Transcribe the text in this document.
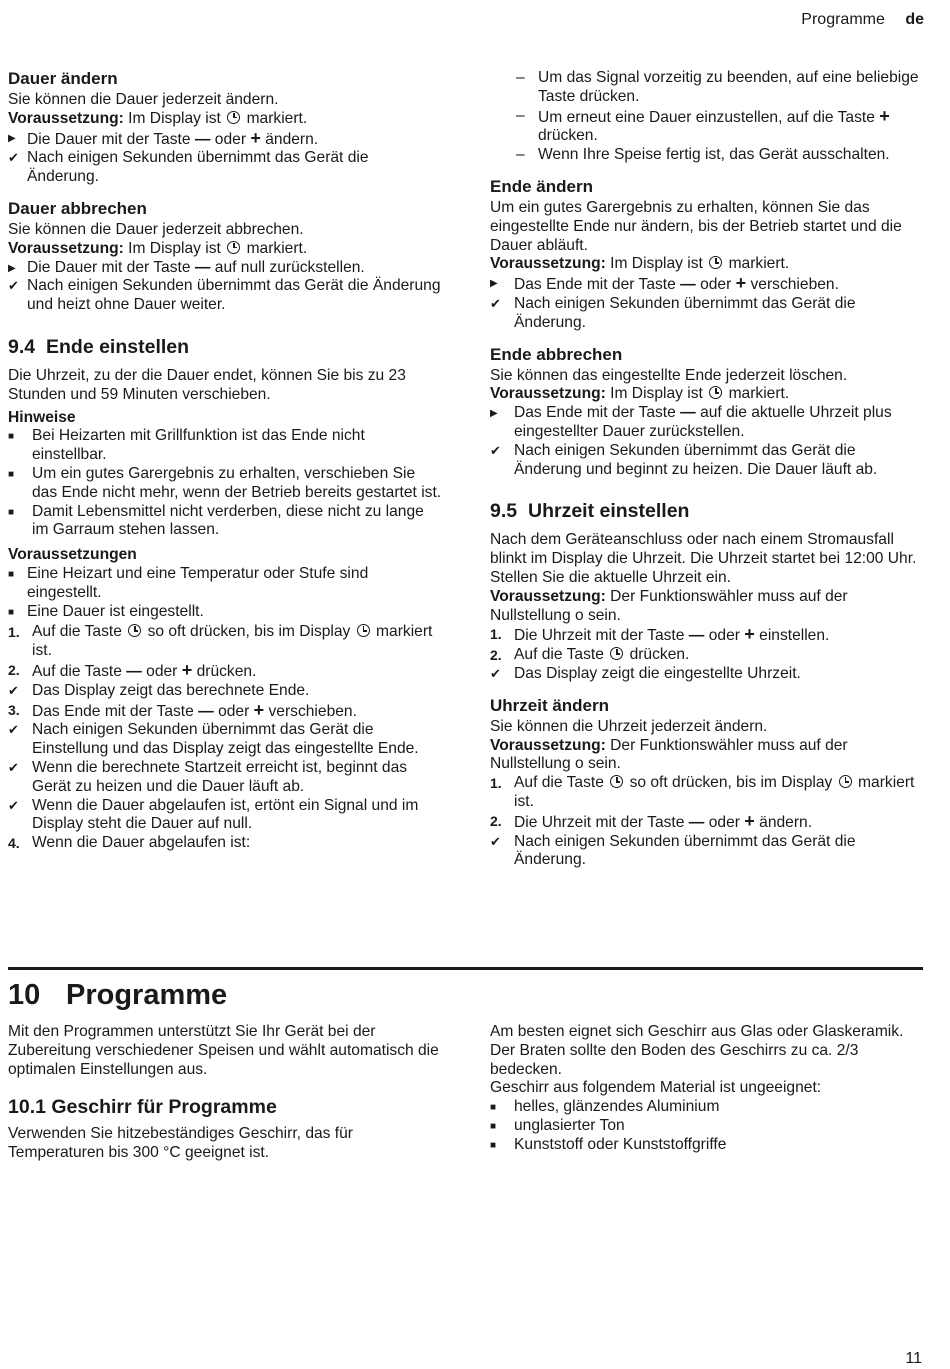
Programme de
Dauer ändern

Sie können die Dauer jederzeit ändern.

Voraussetzung: Im Display ist markiert.

▶ Die Dauer mit der Taste — oder + ändern.
✔ Nach einigen Sekunden übernimmt das Gerät die Änderung.
Dauer abbrechen

Sie können die Dauer jederzeit abbrechen.

Voraussetzung: Im Display ist markiert.

▶ Die Dauer mit der Taste — auf null zurückstellen.
✔ Nach einigen Sekunden übernimmt das Gerät die Änderung und heizt ohne Dauer weiter.
9.4 Ende einstellen

Die Uhrzeit, zu der die Dauer endet, können Sie bis zu 23 Stunden und 59 Minuten verschieben.

Hinweise

■	Bei Heizarten mit Grillfunktion ist das Ende nicht einstellbar.
■	Um ein gutes Garergebnis zu erhalten, verschieben Sie das Ende nicht mehr, wenn der Betrieb bereits gestartet ist.
■	Damit Lebensmittel nicht verderben, diese nicht zu lange im Garraum stehen lassen.

Voraussetzungen

■ Eine Heizart und eine Temperatur oder Stufe sind eingestellt.
■ Eine Dauer ist eingestellt.
1. Auf die Taste so oft drücken, bis im Display markiert ist.
2. Auf die Taste — oder + drücken.
✔ Das Display zeigt das berechnete Ende.
3. Das Ende mit der Taste — oder + verschieben.
✔ Nach einigen Sekunden übernimmt das Gerät die Einstellung und das Display zeigt das eingestellte Ende.
✔ Wenn die berechnete Startzeit erreicht ist, beginnt das Gerät zu heizen und die Dauer läuft ab.
✔ Wenn die Dauer abgelaufen ist, ertönt ein Signal und im Display steht die Dauer auf null.
4. Wenn die Dauer abgelaufen ist:
– Um das Signal vorzeitig zu beenden, auf eine beliebige Taste drücken.
– Um erneut eine Dauer einzustellen, auf die Taste + drücken.
– Wenn Ihre Speise fertig ist, das Gerät ausschalten.
Ende ändern

Um ein gutes Garergebnis zu erhalten, können Sie das eingestellte Ende nur ändern, bis der Betrieb startet und die Dauer abläuft.

Voraussetzung: Im Display ist markiert.

▶	Das Ende mit der Taste — oder + verschieben.
✔ Nach einigen Sekunden übernimmt das Gerät die Änderung.
Ende abbrechen

Sie können das eingestellte Ende jederzeit löschen.

Voraussetzung: Im Display ist markiert.

▶	Das Ende mit der Taste — auf die aktuelle Uhrzeit plus eingestellter Dauer zurückstellen.
✔ Nach einigen Sekunden übernimmt das Gerät die Änderung und beginnt zu heizen. Die Dauer läuft ab.
9.5 Uhrzeit einstellen

Nach dem Geräteanschluss oder nach einem Stromausfall blinkt im Display die Uhrzeit. Die Uhrzeit startet bei 12:00 Uhr. Stellen Sie die aktuelle Uhrzeit ein.

Voraussetzung: Der Funktionswähler muss auf der Nullstellung o sein.

1. Die Uhrzeit mit der Taste — oder + einstellen.
2. Auf die Taste drücken.
✔ Das Display zeigt die eingestellte Uhrzeit.
Uhrzeit ändern

Sie können die Uhrzeit jederzeit ändern.

Voraussetzung: Der Funktionswähler muss auf der Nullstellung o sein.

1. Auf die Taste so oft drücken, bis im Display markiert ist.
2. Die Uhrzeit mit der Taste — oder + ändern.
✔ Nach einigen Sekunden übernimmt das Gerät die Änderung.
10 Programme

Mit den Programmen unterstützt Sie Ihr Gerät bei der Zubereitung verschiedener Speisen und wählt automatisch die optimalen Einstellungen aus.

10.1 Geschirr für Programme

Verwenden Sie hitzebeständiges Geschirr, das für Temperaturen bis 300 °C geeignet ist.

Am besten eignet sich Geschirr aus Glas oder Glaskeramik. Der Braten sollte den Boden des Geschirrs zu ca. 2/3 bedecken.

Geschirr aus folgendem Material ist ungeeignet:

■	helles, glänzendes Aluminium
■	unglasierter Ton
■	Kunststoff oder Kunststoffgriffe
11
